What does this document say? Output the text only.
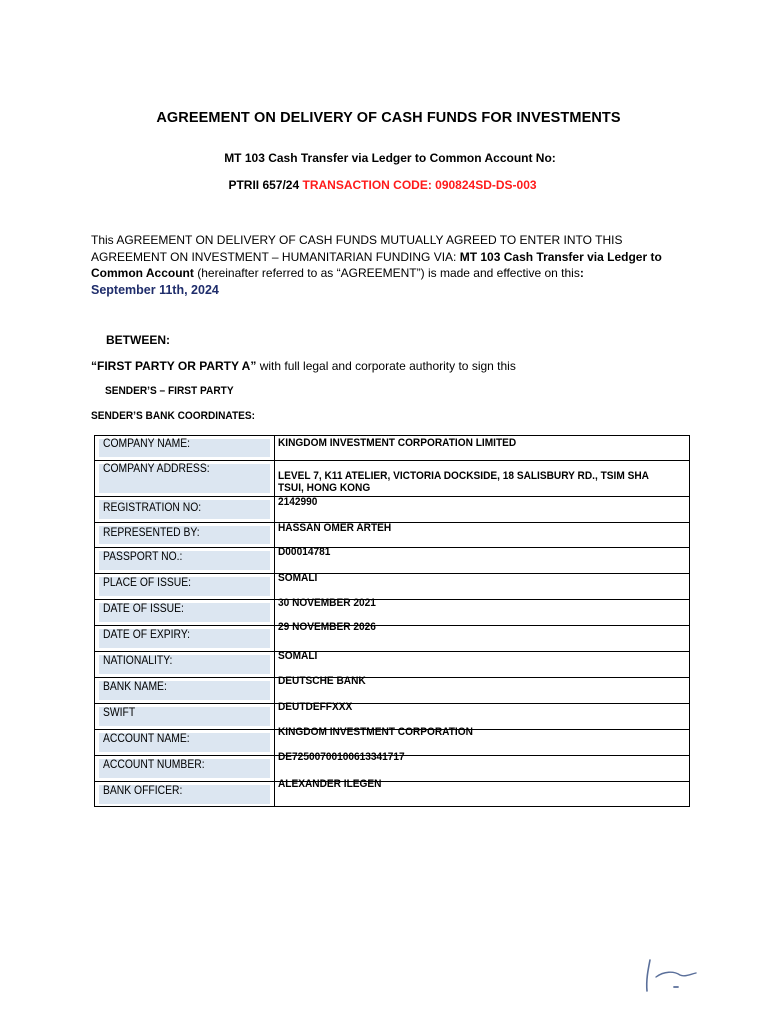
AGREEMENT ON DELIVERY OF CASH FUNDS FOR INVESTMENTS
MT 103 Cash Transfer via Ledger to Common Account No:
PTRII 657/24 TRANSACTION CODE: 090824SD-DS-003
This AGREEMENT ON DELIVERY OF CASH FUNDS MUTUALLY AGREED TO ENTER INTO THIS AGREEMENT ON INVESTMENT – HUMANITARIAN FUNDING VIA: MT 103 Cash Transfer via Ledger to Common Account (hereinafter referred to as “AGREEMENT”) is made and effective on this:
September 11th, 2024
BETWEEN:
“FIRST PARTY OR PARTY A” with full legal and corporate authority to sign this
SENDER’S – FIRST PARTY
SENDER’S BANK COORDINATES:
COMPANY NAME:	KINGDOM INVESTMENT CORPORATION LIMITED
COMPANY ADDRESS:
LEVEL 7, K11 ATELIER, VICTORIA DOCKSIDE, 18 SALISBURY RD., TSIM SHA
TSUI, HONG KONG
REGISTRATION NO:	2142990
REPRESENTED BY:	HASSAN OMER ARTEH
PASSPORT NO.:	D00014781
PLACE OF ISSUE:	SOMALI
DATE OF ISSUE:	30 NOVEMBER 2021
DATE OF EXPIRY:
29 NOVEMBER 2026
NATIONALITY:	SOMALI
BANK NAME:	DEUTSCHE BANK
SWIFT	DEUTDEFFXXX
ACCOUNT NAME:
KINGDOM INVESTMENT CORPORATION
ACCOUNT NUMBER:
DE72500700100613341717
BANK OFFICER:
ALEXANDER ILEGEN
